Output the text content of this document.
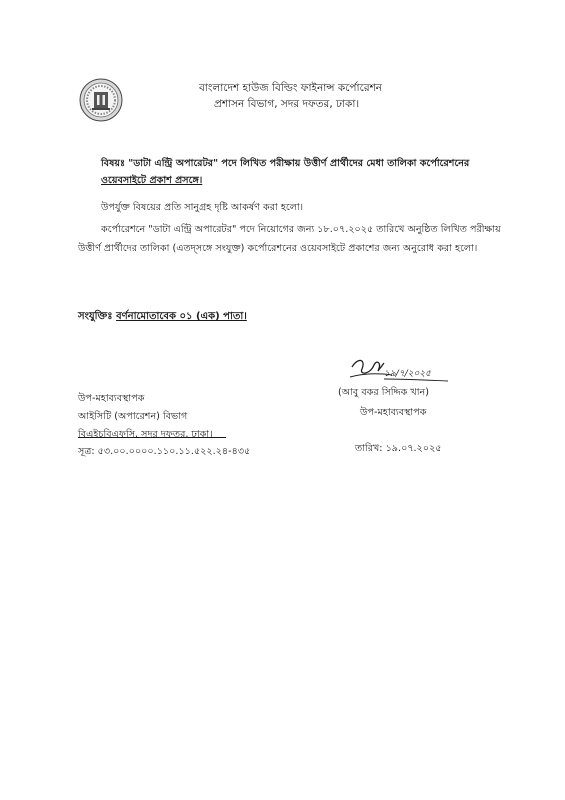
বাংলাদেশ হাউজ বিল্ডিং ফাইনান্স কর্পোরেশন
প্রশাসন বিভাগ, সদর দফতর, ঢাকা।
বিষয়ঃ "ডাটা এন্ট্রি অপারেটর" পদে লিখিত পরীক্ষায় উত্তীর্ণ প্রার্থীদের মেধা তালিকা কর্পোরেশনের
ওয়েবসাইটে প্রকাশ প্রসঙ্গে।
উপর্যুক্ত বিষয়ের প্রতি সানুগ্রহ দৃষ্টি আকর্ষণ করা হলো।
কর্পোরেশনে "ডাটা এন্ট্রি অপারেটর" পদে নিয়োগের জন্য ১৮.০৭.২০২৫ তারিখে অনুষ্ঠিত লিখিত পরীক্ষায়
উত্তীর্ণ প্রার্থীদের তালিকা (এতদ্সঙ্গে সংযুক্ত) কর্পোরেশনের ওয়েবসাইটে প্রকাশের জন্য অনুরোধ করা হলো।
সংযুক্তিঃ বর্ণনামোতাবেক ০১ (এক) পাতা।
১৯/৭/২০২৫
(আবু বকর সিদ্দিক খান)
উপ-মহাব্যবস্থাপক
উপ-মহাব্যবস্থাপক
আইসিটি (অপারেশন) বিভাগ
বিএইচবিএফসি, সদর দফতর, ঢাকা।
সূত্র: ৫৩.০০.০০০০.১১০.১১.৫২২.২৪-৪৩৫	তারিখ: ১৯.০৭.২০২৫
